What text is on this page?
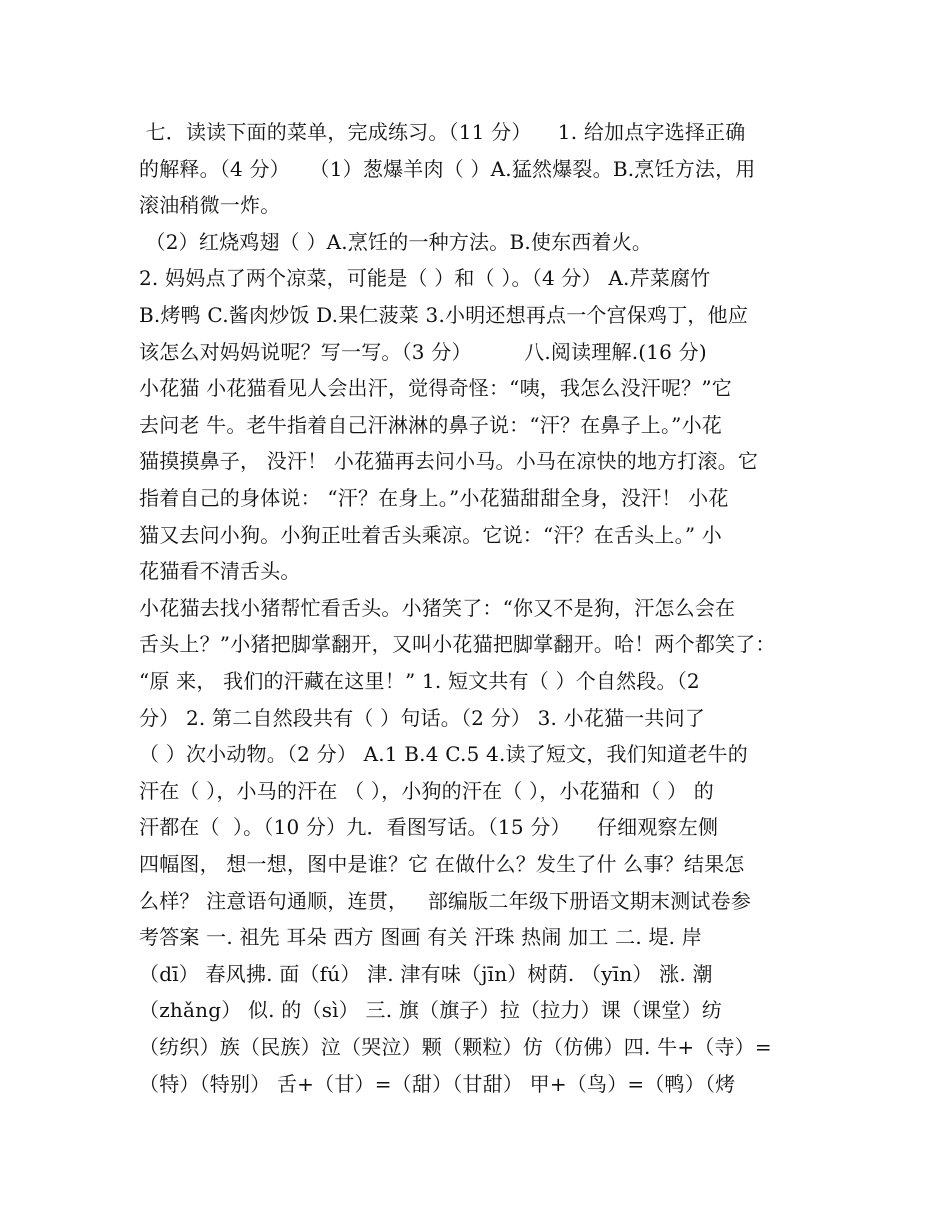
七．读读下面的菜单，完成练习。（11 分）    1. 给加点字选择正确
的解释。（4 分）   （1）葱爆羊肉（ ）A.猛然爆裂。B.烹饪方法，用
滚油稍微一炸。
（2）红烧鸡翅（ ）A.烹饪的一种方法。B.使东西着火。
2. 妈妈点了两个凉菜，可能是（ ）和（ ）。（4 分） A.芹菜腐竹
B.烤鸭 C.酱肉炒饭 D.果仁菠菜 3.小明还想再点一个宫保鸡丁，他应
该怎么对妈妈说呢？写一写。（3 分）        八.阅读理解.(16 分)
小花猫 小花猫看见人会出汗，觉得奇怪：“咦，我怎么没汗呢？”它
去问老 牛。老牛指着自己汗淋淋的鼻子说：“汗？在鼻子上。”小花
猫摸摸鼻子， 没汗！ 小花猫再去问小马。小马在凉快的地方打滚。它
指着自己的身体说： “汗？在身上。”小花猫甜甜全身，没汗！ 小花
猫又去问小狗。小狗正吐着舌头乘凉。它说：“汗？在舌头上。” 小
花猫看不清舌头。
小花猫去找小猪帮忙看舌头。小猪笑了：“你又不是狗，汗怎么会在
舌头上？”小猪把脚掌翻开，又叫小花猫把脚掌翻开。哈！两个都笑了：
“原 来， 我们的汗藏在这里！” 1. 短文共有（ ）个自然段。（2
分） 2. 第二自然段共有（ ）句话。（2 分） 3. 小花猫一共问了
（ ）次小动物。（2 分） A.1 B.4 C.5 4.读了短文，我们知道老牛的
汗在（ ），小马的汗在 （ ），小狗的汗在（ ），小花猫和（ ） 的
汗都在（  ）。（10 分）九．看图写话。（15 分）    仔细观察左侧
四幅图， 想一想，图中是谁？它 在做什么？发生了什 么事？结果怎
么样？ 注意语句通顺，连贯，   部编版二年级下册语文期末测试卷参
考答案 一. 祖先 耳朵 西方 图画 有关 汗珠 热闹 加工 二. 堤. 岸
（dī） 春风拂. 面（fú） 津. 津有味（jīn）树荫. （yīn） 涨. 潮
（zhǎng） 似. 的（sì） 三. 旗（旗子）拉（拉力）课（课堂）纺
（纺织）族（民族）泣（哭泣）颗（颗粒）仿（仿佛）四. 牛+（寺）=
（特）（特别） 舌+（甘）=（甜）（甘甜） 甲+（鸟）=（鸭）（烤
